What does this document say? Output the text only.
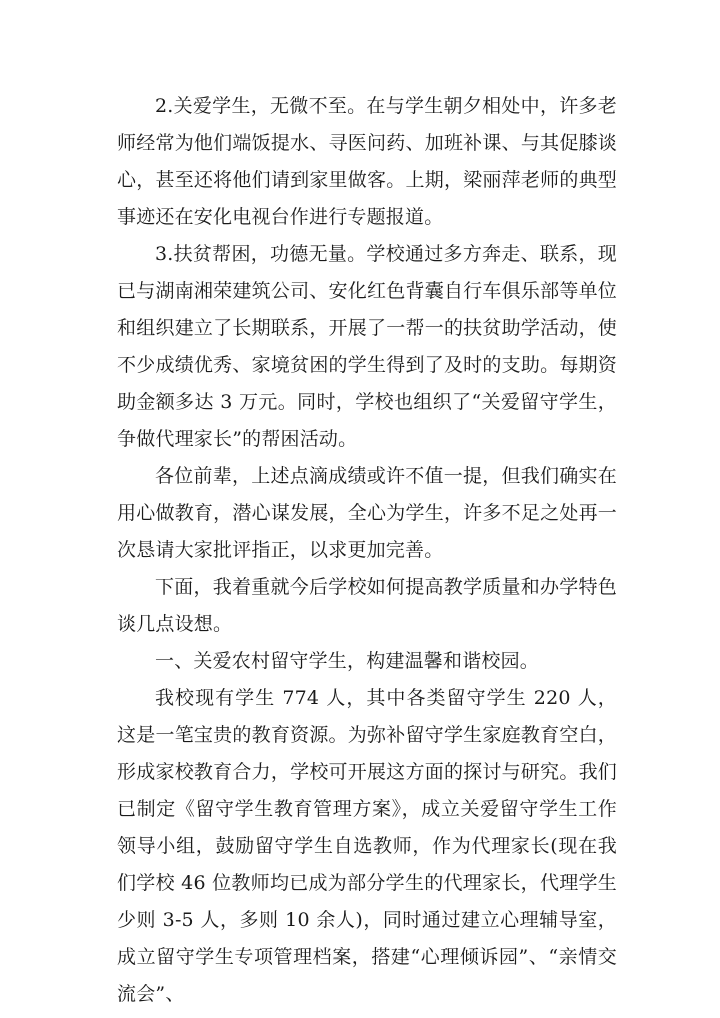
2.关爱学生，无微不至。在与学生朝夕相处中，许多老师经常为他们端饭提水、寻医问药、加班补课、与其促膝谈心，甚至还将他们请到家里做客。上期，梁丽萍老师的典型事迹还在安化电视台作进行专题报道。

3.扶贫帮困，功德无量。学校通过多方奔走、联系，现已与湖南湘荣建筑公司、安化红色背囊自行车俱乐部等单位和组织建立了长期联系，开展了一帮一的扶贫助学活动，使不少成绩优秀、家境贫困的学生得到了及时的支助。每期资助金额多达 3 万元。同时，学校也组织了“关爱留守学生，争做代理家长”的帮困活动。

各位前辈，上述点滴成绩或许不值一提，但我们确实在用心做教育，潜心谋发展，全心为学生，许多不足之处再一次恳请大家批评指正，以求更加完善。

下面，我着重就今后学校如何提高教学质量和办学特色谈几点设想。

一、关爱农村留守学生，构建温馨和谐校园。

我校现有学生 774 人，其中各类留守学生 220 人，这是一笔宝贵的教育资源。为弥补留守学生家庭教育空白，形成家校教育合力，学校可开展这方面的探讨与研究。我们已制定《留守学生教育管理方案》，成立关爱留守学生工作领导小组，鼓励留守学生自选教师，作为代理家长(现在我们学校 46 位教师均已成为部分学生的代理家长，代理学生少则 3-5 人，多则 10 余人)，同时通过建立心理辅导室，成立留守学生专项管理档案，搭建“心理倾诉园”、“亲情交流会”、
